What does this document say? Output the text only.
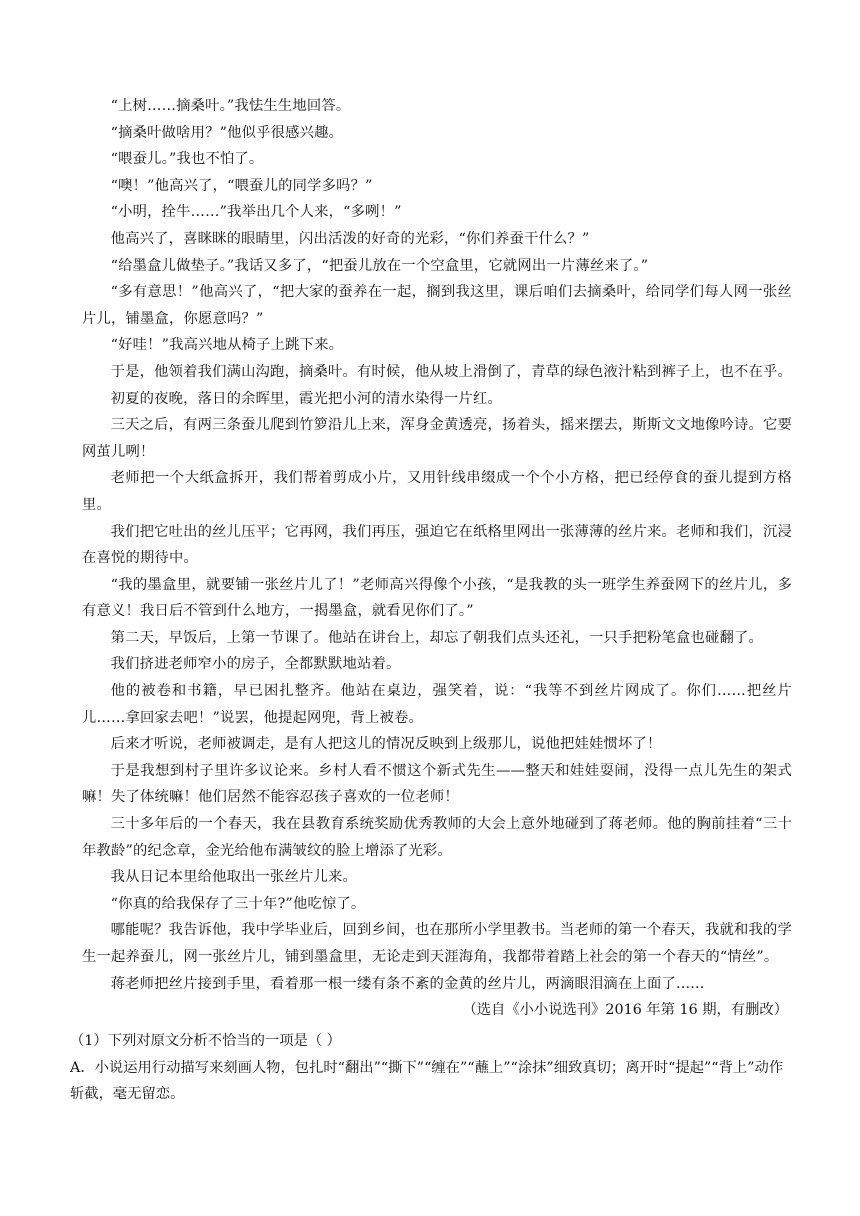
“上树……摘桑叶。”我怯生生地回答。

“摘桑叶做啥用？”他似乎很感兴趣。

“喂蚕儿。”我也不怕了。

“噢！”他高兴了，“喂蚕儿的同学多吗？”

“小明，拴牛……”我举出几个人来，“多咧！”

他高兴了，喜眯眯的眼睛里，闪出活泼的好奇的光彩，“你们养蚕干什么？”

“给墨盒儿做垫子。”我话又多了，“把蚕儿放在一个空盒里，它就网出一片薄丝来了。”

“多有意思！”他高兴了，“把大家的蚕养在一起，搁到我这里，课后咱们去摘桑叶，给同学们每人网一张丝片儿，铺墨盒，你愿意吗？”

“好哇！”我高兴地从椅子上跳下来。

于是，他领着我们满山沟跑，摘桑叶。有时候，他从坡上滑倒了，青草的绿色液汁粘到裤子上，也不在乎。

初夏的夜晚，落日的余晖里，霞光把小河的清水染得一片红。

三天之后，有两三条蚕儿爬到竹箩沿儿上来，浑身金黄透亮，扬着头，摇来摆去，斯斯文文地像吟诗。它要网茧儿咧！

老师把一个大纸盒拆开，我们帮着剪成小片，又用针线串缀成一个个小方格，把已经停食的蚕儿提到方格里。

我们把它吐出的丝儿压平；它再网，我们再压，强迫它在纸格里网出一张薄薄的丝片来。老师和我们，沉浸在喜悦的期待中。

“我的墨盒里，就要铺一张丝片儿了！”老师高兴得像个小孩，“是我教的头一班学生养蚕网下的丝片儿，多有意义！我日后不管到什么地方，一揭墨盒，就看见你们了。”

第二天，早饭后，上第一节课了。他站在讲台上，却忘了朝我们点头还礼，一只手把粉笔盒也碰翻了。

我们挤进老师窄小的房子，全都默默地站着。

他的被卷和书籍，早已困扎整齐。他站在桌边，强笑着，说：“我等不到丝片网成了。你们……把丝片儿……拿回家去吧！”说罢，他提起网兜，背上被卷。

后来才听说，老师被调走，是有人把这儿的情况反映到上级那儿，说他把娃娃惯坏了！

于是我想到村子里许多议论来。乡村人看不惯这个新式先生——整天和娃娃耍闹，没得一点儿先生的架式嘛！失了体统嘛！他们居然不能容忍孩子喜欢的一位老师！

三十多年后的一个春天，我在县教育系统奖励优秀教师的大会上意外地碰到了蒋老师。他的胸前挂着“三十年教龄”的纪念章，金光给他布满皱纹的脸上增添了光彩。

我从日记本里给他取出一张丝片儿来。

“你真的给我保存了三十年?”他吃惊了。

哪能呢？我告诉他，我中学毕业后，回到乡间，也在那所小学里教书。当老师的第一个春天，我就和我的学生一起养蚕儿，网一张丝片儿，铺到墨盒里，无论走到天涯海角，我都带着踏上社会的第一个春天的“情丝”。

蒋老师把丝片接到手里，看着那一根一缕有条不紊的金黄的丝片儿，两滴眼泪滴在上面了......

（选自《小小说选刊》2016 年第 16 期，有删改）

（1）下列对原文分析不恰当的一项是（ ）

A．小说运用行动描写来刻画人物，包扎时“翻出”“撕下”“缠在”“蘸上”“涂抹”细致真切；离开时“提起”“背上”动作斩截，毫无留恋。
